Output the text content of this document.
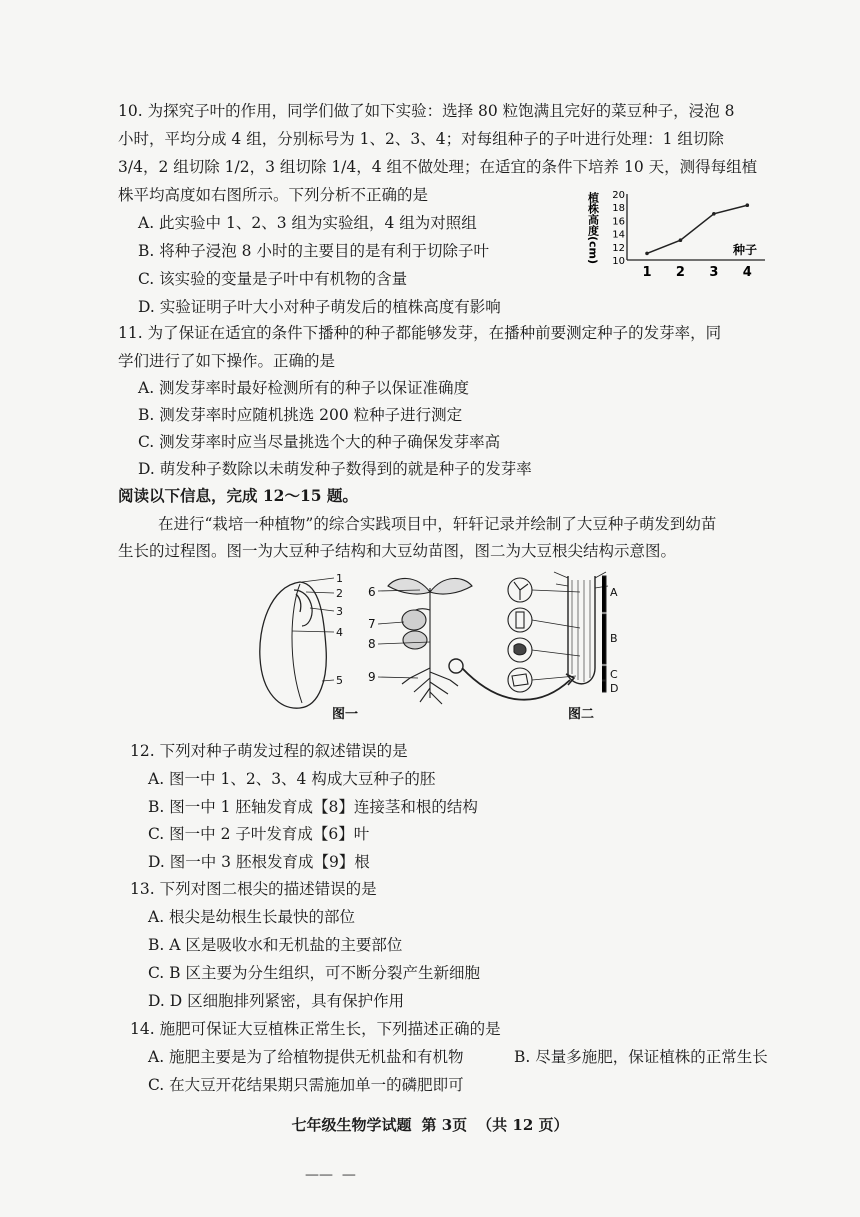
10. 为探究子叶的作用，同学们做了如下实验：选择 80 粒饱满且完好的菜豆种子，浸泡 8
小时，平均分成 4 组，分别标号为 1、2、3、4；对每组种子的子叶进行处理：1 组切除
3/4，2 组切除 1/2，3 组切除 1/4，4 组不做处理；在适宜的条件下培养 10 天，测得每组植
株平均高度如右图所示。下列分析不正确的是
A. 此实验中 1、2、3 组为实验组，4 组为对照组
B. 将种子浸泡 8 小时的主要目的是有利于切除子叶
C. 该实验的变量是子叶中有机物的含量
D. 实验证明子叶大小对种子萌发后的植株高度有影响
植株高度(cm) 10
12
14
16
18
20
1 2 3 4
种子
11. 为了保证在适宜的条件下播种的种子都能够发芽，在播种前要测定种子的发芽率，同
学们进行了如下操作。正确的是
A. 测发芽率时最好检测所有的种子以保证准确度
B. 测发芽率时应随机挑选 200 粒种子进行测定
C. 测发芽率时应当尽量挑选个大的种子确保发芽率高
D. 萌发种子数除以未萌发种子数得到的就是种子的发芽率
阅读以下信息，完成 12～15 题。
在进行“栽培一种植物”的综合实践项目中，轩轩记录并绘制了大豆种子萌发到幼苗
生长的过程图。图一为大豆种子结构和大豆幼苗图，图二为大豆根尖结构示意图。
1
2
3
4
5
6
7
8
9
A
B
C
D
图一	图二
12. 下列对种子萌发过程的叙述错误的是
A. 图一中 1、2、3、4 构成大豆种子的胚
B. 图一中 1 胚轴发育成【8】连接茎和根的结构
C. 图一中 2 子叶发育成【6】叶
D. 图一中 3 胚根发育成【9】根
13. 下列对图二根尖的描述错误的是
A. 根尖是幼根生长最快的部位
B. A 区是吸收水和无机盐的主要部位
C. B 区主要为分生组织，可不断分裂产生新细胞
D. D 区细胞排列紧密，具有保护作用
14. 施肥可保证大豆植株正常生长，下列描述正确的是
A. 施肥主要是为了给植物提供无机盐和有机物	B. 尽量多施肥，保证植株的正常生长
C. 在大豆开花结果期只需施加单一的磷肥即可
七年级生物学试题 第 3页 （共 12 页）
——  —
